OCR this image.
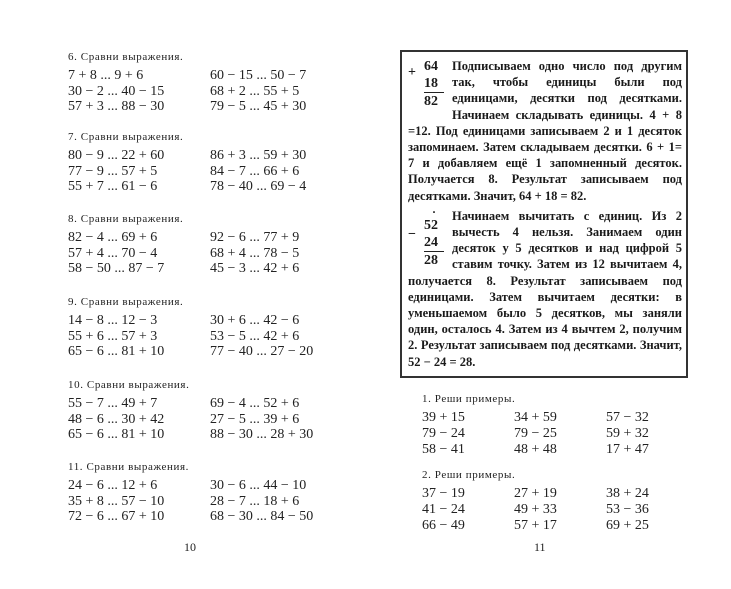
6. Сравни выражения.
7 + 8 ... 9 + 6	60 − 15 ... 50 − 7
30 − 2 ... 40 − 15	68 + 2 ... 55 + 5
57 + 3 ... 88 − 30	79 − 5 ... 45 + 30
7. Сравни выражения.
80 − 9 ... 22 + 60	86 + 3 ... 59 + 30
77 − 9 ... 57 + 5	84 − 7 ... 66 + 6
55 + 7 ... 61 − 6	78 − 40 ... 69 − 4
8. Сравни выражения.
82 − 4 ... 69 + 6	92 − 6 ... 77 + 9
57 + 4 ... 70 − 4	68 + 4 ... 78 − 5
58 − 50 ... 87 − 7	45 − 3 ... 42 + 6
9. Сравни выражения.
14 − 8 ... 12 − 3	30 + 6 ... 42 − 6
55 + 6 ... 57 + 3	53 − 5 ... 42 + 6
65 − 6 ... 81 + 10	77 − 40 ... 27 − 20
10. Сравни выражения.
55 − 7 ... 49 + 7	69 − 4 ... 52 + 6
48 − 6 ... 30 + 42	27 − 5 ... 39 + 6
65 − 6 ... 81 + 10	88 − 30 ... 28 + 30
11. Сравни выражения.
24 − 6 ... 12 + 6	30 − 6 ... 44 − 10
35 + 8 ... 57 − 10	28 − 7 ... 18 + 6
72 − 6 ... 67 + 10	68 − 30 ... 84 − 50
10
+ 64
18
82

Подписываем одно число под другим так, чтобы единицы были под единицами, десятки под десятками. Начинаем складывать единицы. 4 + 8 =12. Под единицами записываем 2 и 1 десяток запоминаем. Затем складываем десятки. 6 + 1= 7 и добавляем ещё 1 запомненный десяток. Получается 8. Результат записываем под десятками. Значит, 64 + 18 = 82.

−
·
52
24
28

Начинаем вычитать с единиц. Из 2 вычесть 4 нельзя. Занимаем один десяток у 5 десятков и над цифрой 5 ставим точку. Затем из 12 вычитаем 4, получается 8. Результат записываем под единицами. Затем вычитаем десятки: в уменьшаемом было 5 десятков, мы заняли один, осталось 4. Затем из 4 вычтем 2, получим 2. Результат записываем под десятками. Значит, 52 − 24 = 28.

1. Реши примеры.
39 + 15	34 + 59	57 − 32
79 − 24	79 − 25	59 + 32
58 − 41	48 + 48	17 + 47
2. Реши примеры.
37 − 19	27 + 19	38 + 24
41 − 24	49 + 33	53 − 36
66 − 49	57 + 17	69 + 25
11
